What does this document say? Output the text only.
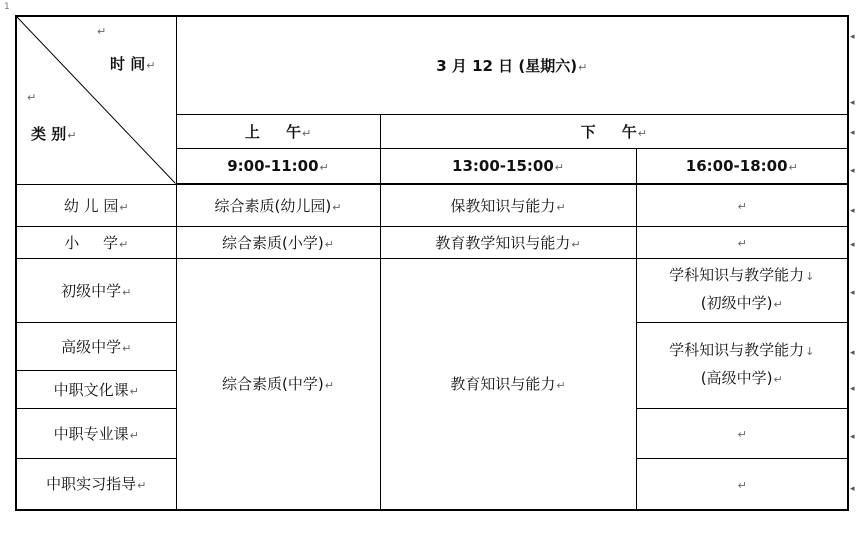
1
↵
时 间↵
↵
类 别↵	3 月 12 日 (星期六)↵		
	上     午↵	下     午↵	
	9:00-11:00↵	13:00-15:00↵	16:00-18:00↵
幼 儿 园↵	综合素质(幼儿园)↵	保教知识与能力↵	↵
小     学↵	综合素质(小学)↵	教育教学知识与能力↵	↵
初级中学↵	综合素质(中学)↵	教育知识与能力↵	学科知识与教学能力↓
(初级中学)↵

高级中学↵			学科知识与教学能力↓
(高级中学)↵

中职文化课↵			
中职专业课↵			↵
中职实习指导↵			↵
◂
◂
◂
◂
◂
◂
◂
◂
◂
◂
◂
